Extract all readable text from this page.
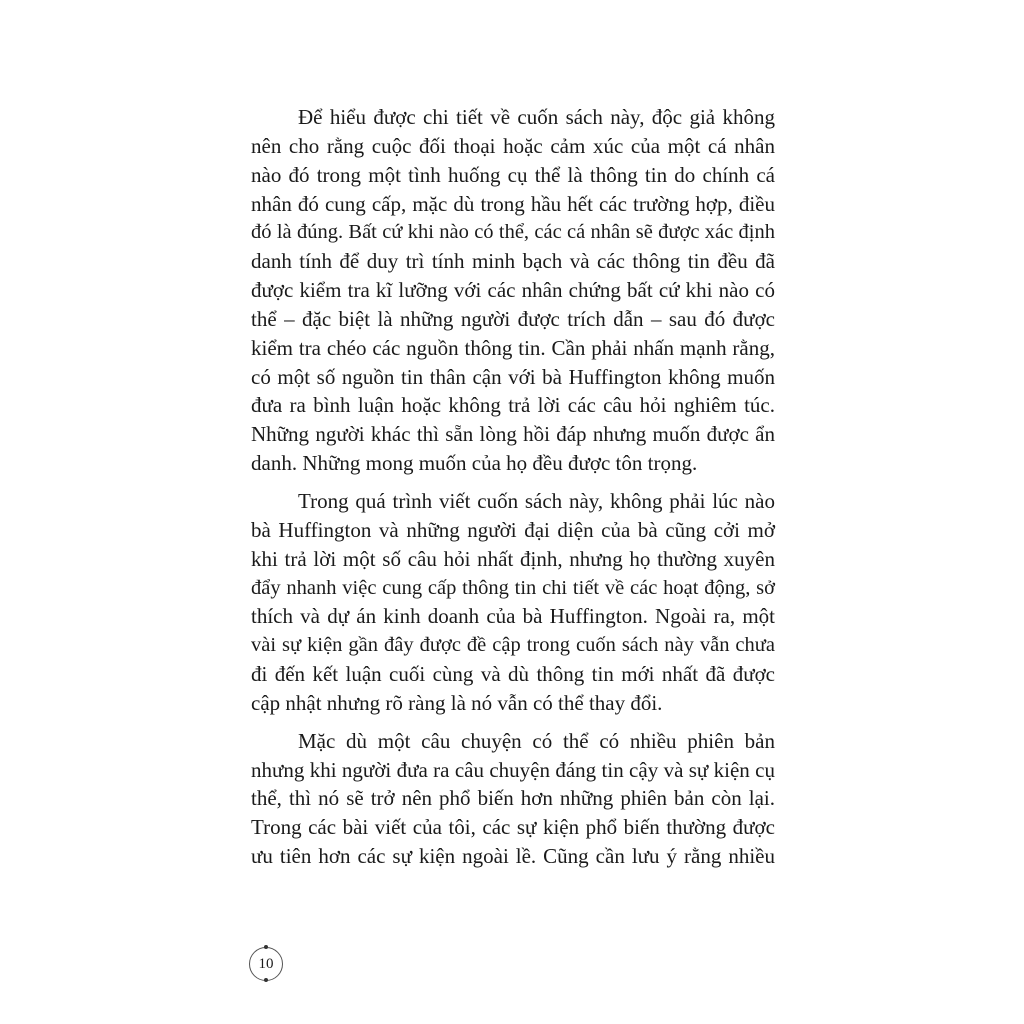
Để hiểu được chi tiết về cuốn sách này, độc giả không
nên cho rằng cuộc đối thoại hoặc cảm xúc của một cá nhân
nào đó trong một tình huống cụ thể là thông tin do chính cá
nhân đó cung cấp, mặc dù trong hầu hết các trường hợp, điều
đó là đúng. Bất cứ khi nào có thể, các cá nhân sẽ được xác định
danh tính để duy trì tính minh bạch và các thông tin đều đã
được kiểm tra kĩ lưỡng với các nhân chứng bất cứ khi nào có
thể – đặc biệt là những người được trích dẫn – sau đó được
kiểm tra chéo các nguồn thông tin. Cần phải nhấn mạnh rằng,
có một số nguồn tin thân cận với bà Huffington không muốn
đưa ra bình luận hoặc không trả lời các câu hỏi nghiêm túc.
Những người khác thì sẵn lòng hồi đáp nhưng muốn được ẩn
danh. Những mong muốn của họ đều được tôn trọng.
Trong quá trình viết cuốn sách này, không phải lúc nào
bà Huffington và những người đại diện của bà cũng cởi mở
khi trả lời một số câu hỏi nhất định, nhưng họ thường xuyên
đẩy nhanh việc cung cấp thông tin chi tiết về các hoạt động, sở
thích và dự án kinh doanh của bà Huffington. Ngoài ra, một
vài sự kiện gần đây được đề cập trong cuốn sách này vẫn chưa
đi đến kết luận cuối cùng và dù thông tin mới nhất đã được
cập nhật nhưng rõ ràng là nó vẫn có thể thay đổi.
Mặc dù một câu chuyện có thể có nhiều phiên bản
nhưng khi người đưa ra câu chuyện đáng tin cậy và sự kiện cụ
thể, thì nó sẽ trở nên phổ biến hơn những phiên bản còn lại.
Trong các bài viết của tôi, các sự kiện phổ biến thường được
ưu tiên hơn các sự kiện ngoài lề. Cũng cần lưu ý rằng nhiều
10
